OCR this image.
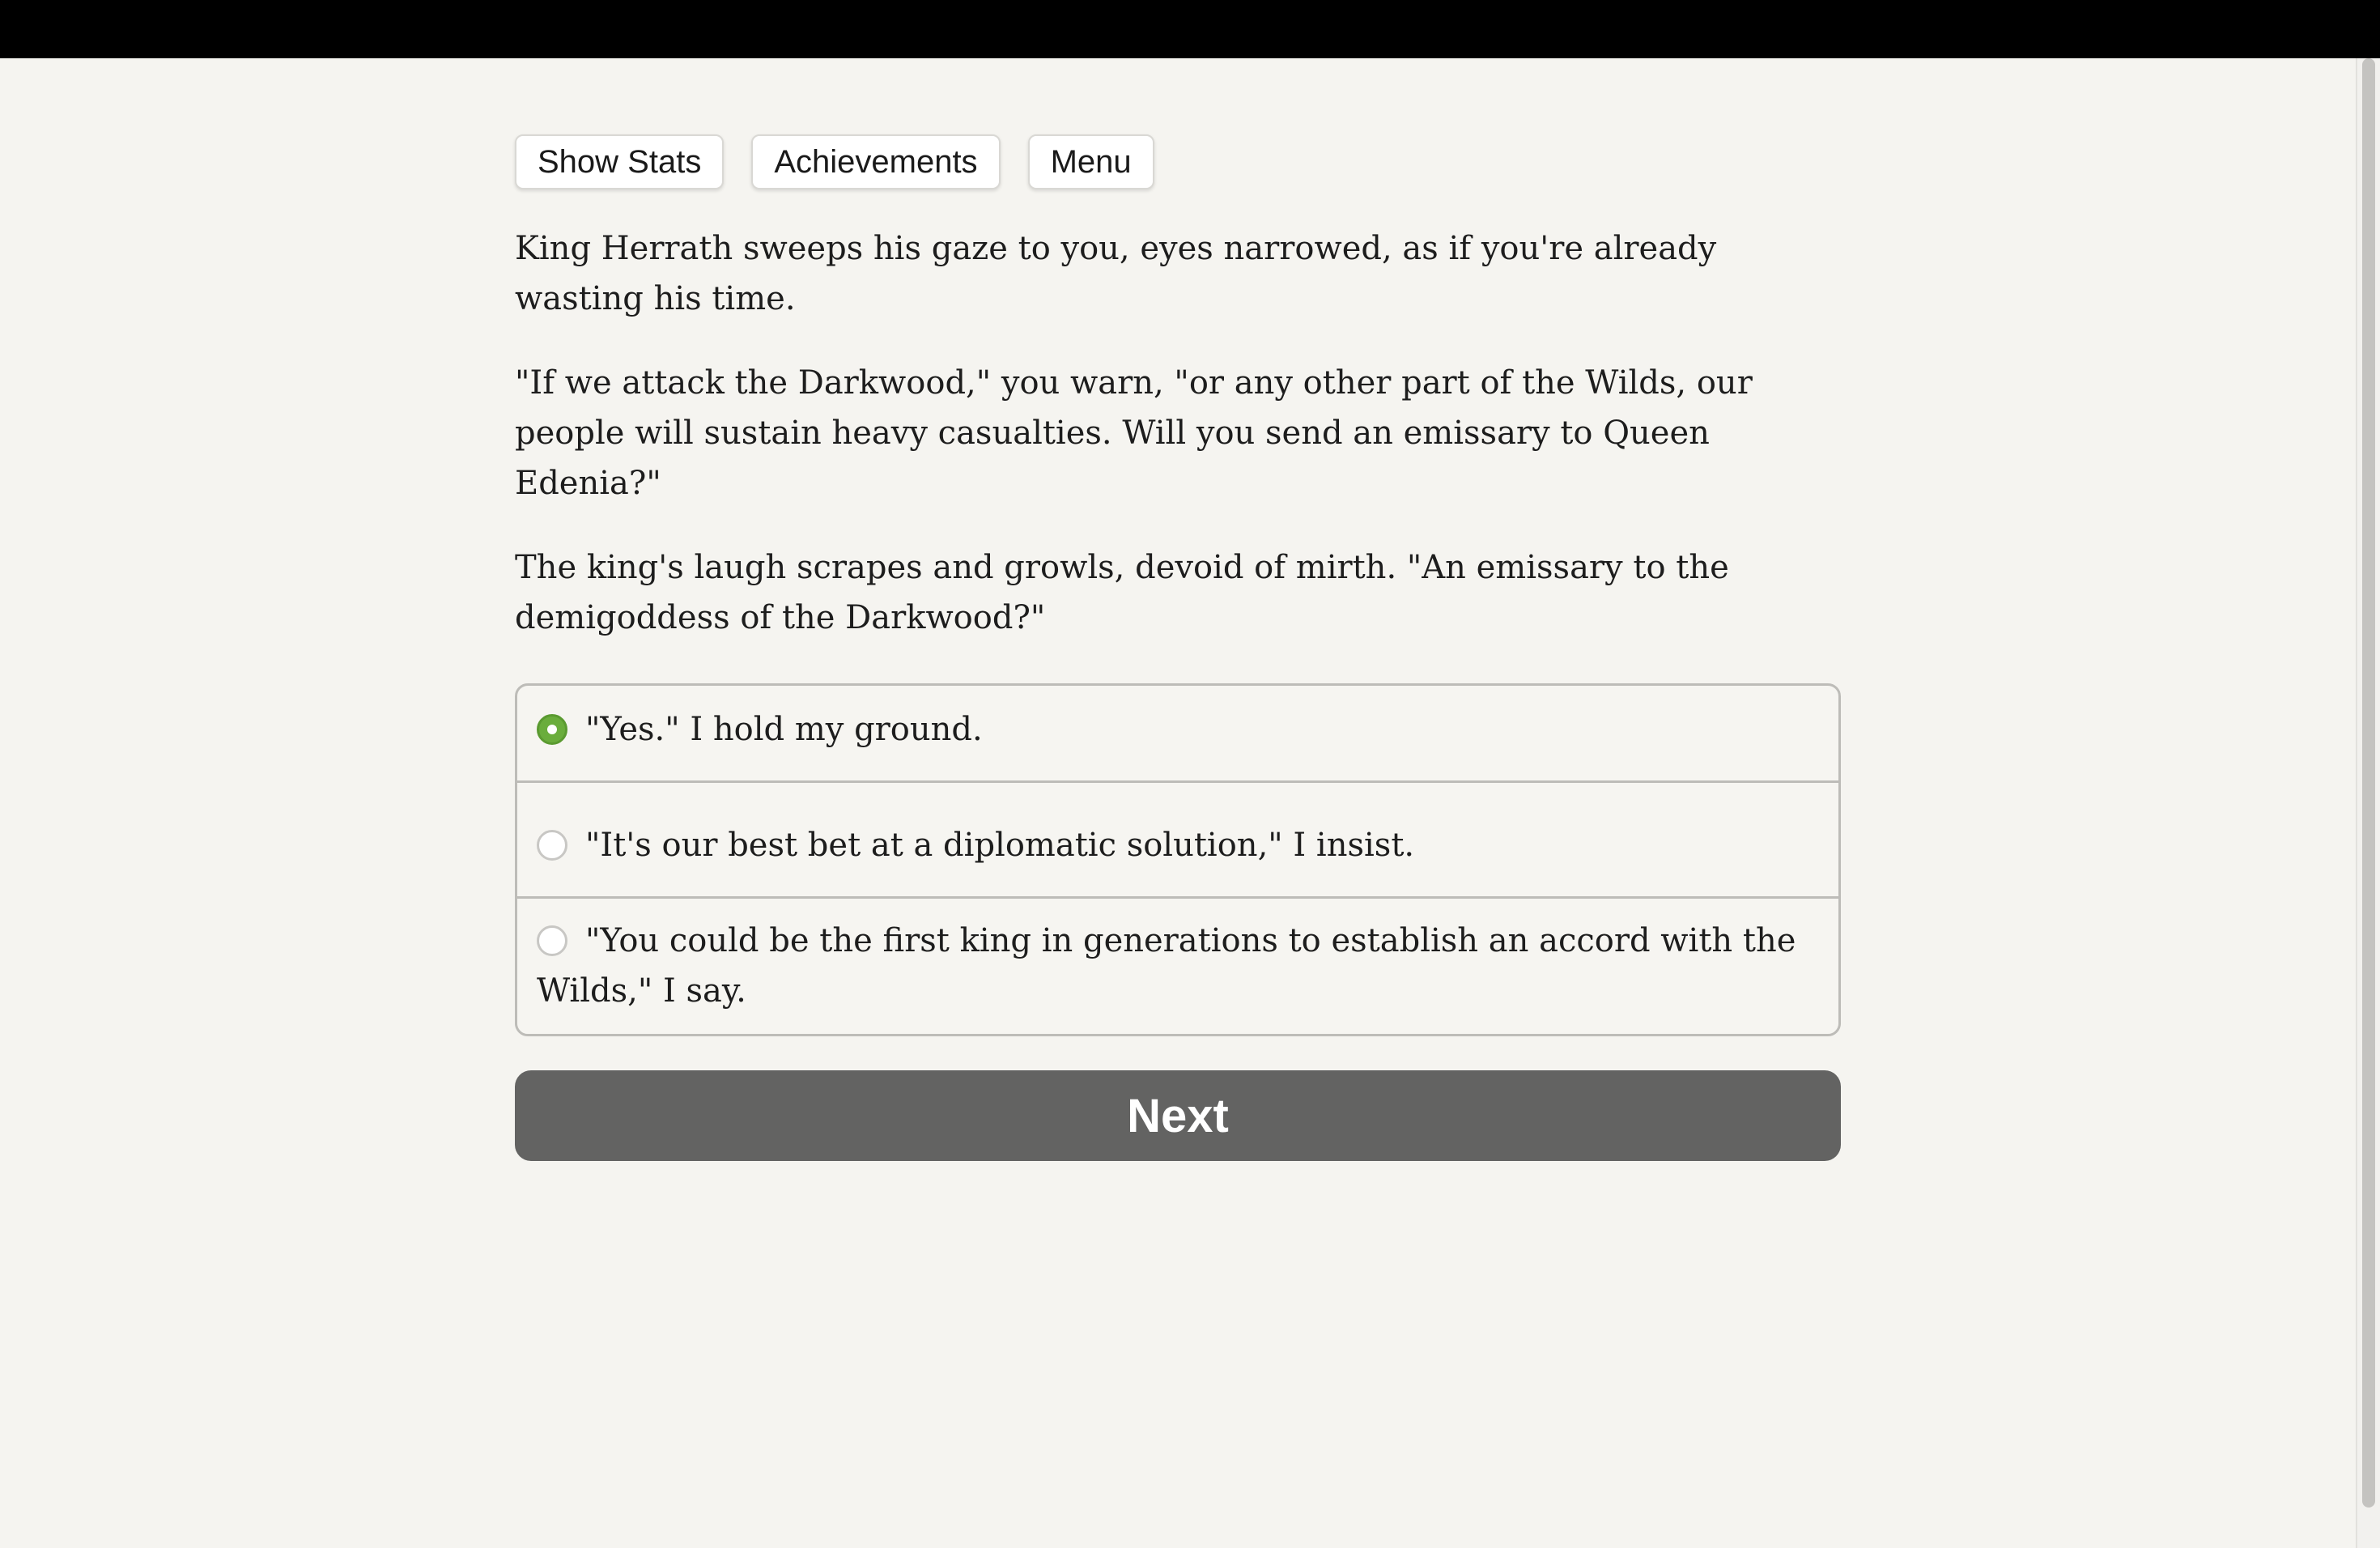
Show Stats	Achievements	Menu

King Herrath sweeps his gaze to you, eyes narrowed, as if you're already wasting his time.

"If we attack the Darkwood," you warn, "or any other part of the Wilds, our people will sustain heavy casualties. Will you send an emissary to Queen Edenia?"

The king's laugh scrapes and growls, devoid of mirth. "An emissary to the demigoddess of the Darkwood?"

"Yes." I hold my ground.
"It's our best bet at a diplomatic solution," I insist.
"You could be the first king in generations to establish an accord with the Wilds," I say.
Next
